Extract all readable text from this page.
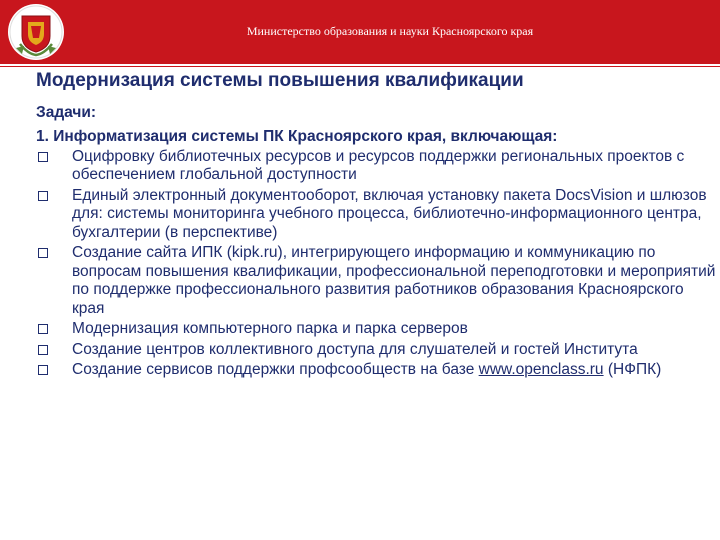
Министерство образования и науки Красноярского края
Модернизация системы повышения квалификации
Задачи:
1. Информатизация системы ПК Красноярского края, включающая:
Оцифровку библиотечных ресурсов и ресурсов поддержки региональных проектов с обеспечением глобальной доступности
Единый электронный документооборот, включая установку пакета DocsVision и шлюзов для: системы мониторинга учебного процесса, библиотечно-информационного центра, бухгалтерии (в перспективе)
Создание сайта ИПК (kipk.ru), интегрирующего информацию и коммуникацию по вопросам повышения квалификации, профессиональной переподготовки и мероприятий по поддержке профессионального развития работников образования Красноярского края
Модернизация компьютерного парка и парка серверов
Создание центров коллективного доступа для слушателей и гостей Института
Создание сервисов поддержки профсообществ на базе www.openclass.ru (НФПК)
